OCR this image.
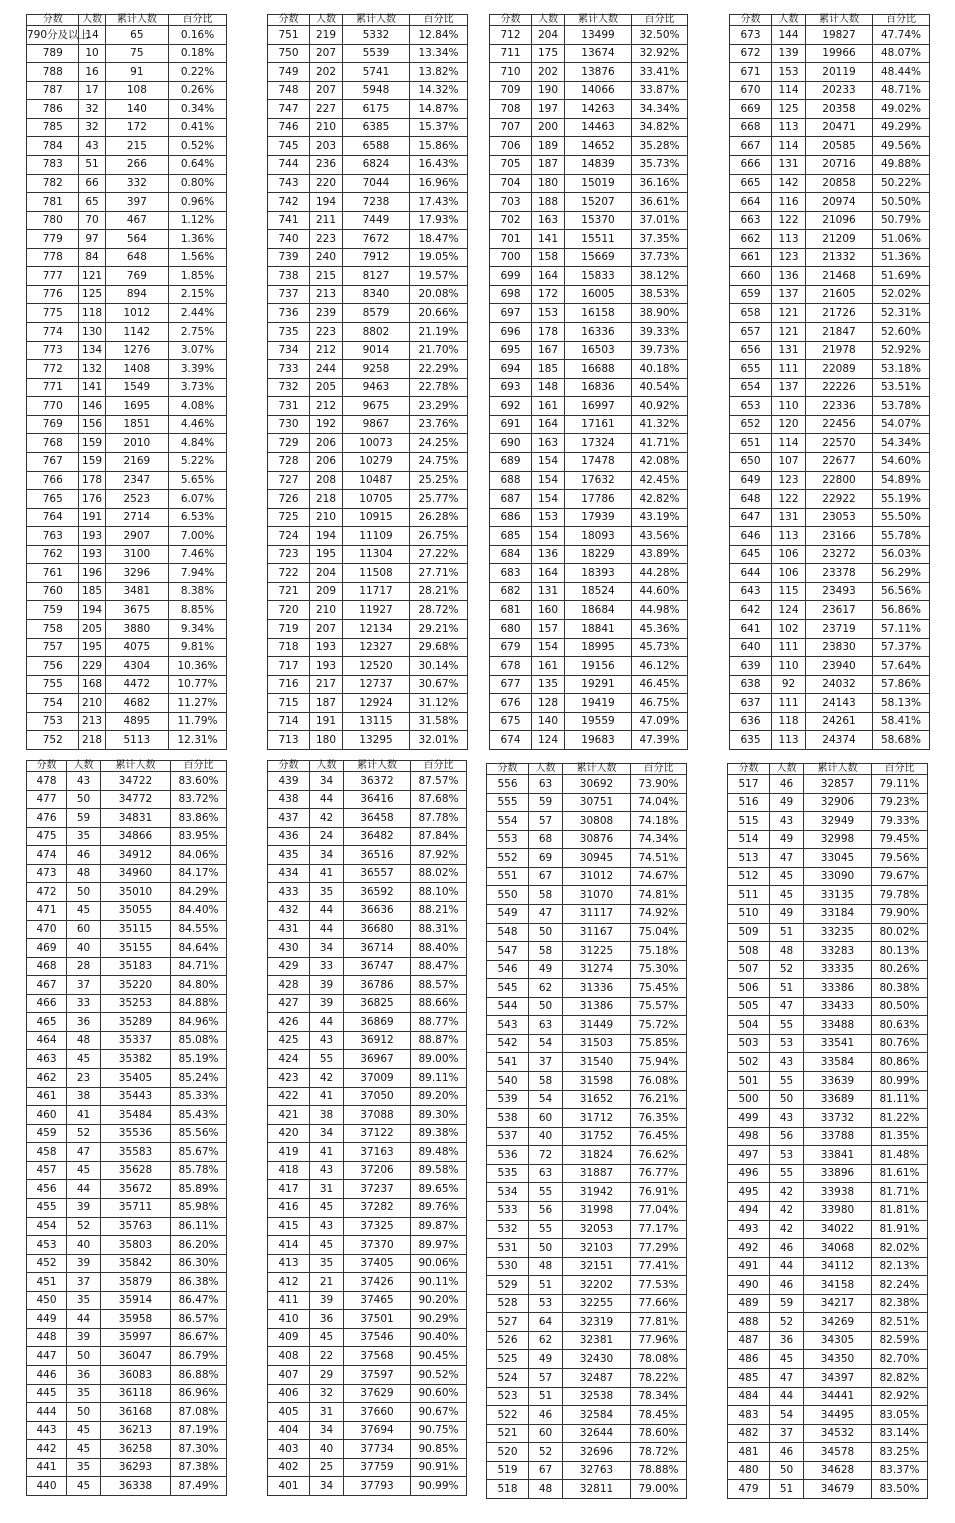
分数	人数	累计人数	百分比
790分及以上	14	65	0.16%
789	10	75	0.18%
788	16	91	0.22%
787	17	108	0.26%
786	32	140	0.34%
785	32	172	0.41%
784	43	215	0.52%
783	51	266	0.64%
782	66	332	0.80%
781	65	397	0.96%
780	70	467	1.12%
779	97	564	1.36%
778	84	648	1.56%
777	121	769	1.85%
776	125	894	2.15%
775	118	1012	2.44%
774	130	1142	2.75%
773	134	1276	3.07%
772	132	1408	3.39%
771	141	1549	3.73%
770	146	1695	4.08%
769	156	1851	4.46%
768	159	2010	4.84%
767	159	2169	5.22%
766	178	2347	5.65%
765	176	2523	6.07%
764	191	2714	6.53%
763	193	2907	7.00%
762	193	3100	7.46%
761	196	3296	7.94%
760	185	3481	8.38%
759	194	3675	8.85%
758	205	3880	9.34%
757	195	4075	9.81%
756	229	4304	10.36%
755	168	4472	10.77%
754	210	4682	11.27%
753	213	4895	11.79%
752	218	5113	12.31%
分数	人数	累计人数	百分比
751	219	5332	12.84%
750	207	5539	13.34%
749	202	5741	13.82%
748	207	5948	14.32%
747	227	6175	14.87%
746	210	6385	15.37%
745	203	6588	15.86%
744	236	6824	16.43%
743	220	7044	16.96%
742	194	7238	17.43%
741	211	7449	17.93%
740	223	7672	18.47%
739	240	7912	19.05%
738	215	8127	19.57%
737	213	8340	20.08%
736	239	8579	20.66%
735	223	8802	21.19%
734	212	9014	21.70%
733	244	9258	22.29%
732	205	9463	22.78%
731	212	9675	23.29%
730	192	9867	23.76%
729	206	10073	24.25%
728	206	10279	24.75%
727	208	10487	25.25%
726	218	10705	25.77%
725	210	10915	26.28%
724	194	11109	26.75%
723	195	11304	27.22%
722	204	11508	27.71%
721	209	11717	28.21%
720	210	11927	28.72%
719	207	12134	29.21%
718	193	12327	29.68%
717	193	12520	30.14%
716	217	12737	30.67%
715	187	12924	31.12%
714	191	13115	31.58%
713	180	13295	32.01%
分数	人数	累计人数	百分比
712	204	13499	32.50%
711	175	13674	32.92%
710	202	13876	33.41%
709	190	14066	33.87%
708	197	14263	34.34%
707	200	14463	34.82%
706	189	14652	35.28%
705	187	14839	35.73%
704	180	15019	36.16%
703	188	15207	36.61%
702	163	15370	37.01%
701	141	15511	37.35%
700	158	15669	37.73%
699	164	15833	38.12%
698	172	16005	38.53%
697	153	16158	38.90%
696	178	16336	39.33%
695	167	16503	39.73%
694	185	16688	40.18%
693	148	16836	40.54%
692	161	16997	40.92%
691	164	17161	41.32%
690	163	17324	41.71%
689	154	17478	42.08%
688	154	17632	42.45%
687	154	17786	42.82%
686	153	17939	43.19%
685	154	18093	43.56%
684	136	18229	43.89%
683	164	18393	44.28%
682	131	18524	44.60%
681	160	18684	44.98%
680	157	18841	45.36%
679	154	18995	45.73%
678	161	19156	46.12%
677	135	19291	46.45%
676	128	19419	46.75%
675	140	19559	47.09%
674	124	19683	47.39%
分数	人数	累计人数	百分比
673	144	19827	47.74%
672	139	19966	48.07%
671	153	20119	48.44%
670	114	20233	48.71%
669	125	20358	49.02%
668	113	20471	49.29%
667	114	20585	49.56%
666	131	20716	49.88%
665	142	20858	50.22%
664	116	20974	50.50%
663	122	21096	50.79%
662	113	21209	51.06%
661	123	21332	51.36%
660	136	21468	51.69%
659	137	21605	52.02%
658	121	21726	52.31%
657	121	21847	52.60%
656	131	21978	52.92%
655	111	22089	53.18%
654	137	22226	53.51%
653	110	22336	53.78%
652	120	22456	54.07%
651	114	22570	54.34%
650	107	22677	54.60%
649	123	22800	54.89%
648	122	22922	55.19%
647	131	23053	55.50%
646	113	23166	55.78%
645	106	23272	56.03%
644	106	23378	56.29%
643	115	23493	56.56%
642	124	23617	56.86%
641	102	23719	57.11%
640	111	23830	57.37%
639	110	23940	57.64%
638	92	24032	57.86%
637	111	24143	58.13%
636	118	24261	58.41%
635	113	24374	58.68%
分数	人数	累计人数	百分比
478	43	34722	83.60%
477	50	34772	83.72%
476	59	34831	83.86%
475	35	34866	83.95%
474	46	34912	84.06%
473	48	34960	84.17%
472	50	35010	84.29%
471	45	35055	84.40%
470	60	35115	84.55%
469	40	35155	84.64%
468	28	35183	84.71%
467	37	35220	84.80%
466	33	35253	84.88%
465	36	35289	84.96%
464	48	35337	85.08%
463	45	35382	85.19%
462	23	35405	85.24%
461	38	35443	85.33%
460	41	35484	85.43%
459	52	35536	85.56%
458	47	35583	85.67%
457	45	35628	85.78%
456	44	35672	85.89%
455	39	35711	85.98%
454	52	35763	86.11%
453	40	35803	86.20%
452	39	35842	86.30%
451	37	35879	86.38%
450	35	35914	86.47%
449	44	35958	86.57%
448	39	35997	86.67%
447	50	36047	86.79%
446	36	36083	86.88%
445	35	36118	86.96%
444	50	36168	87.08%
443	45	36213	87.19%
442	45	36258	87.30%
441	35	36293	87.38%
440	45	36338	87.49%
分数	人数	累计人数	百分比
439	34	36372	87.57%
438	44	36416	87.68%
437	42	36458	87.78%
436	24	36482	87.84%
435	34	36516	87.92%
434	41	36557	88.02%
433	35	36592	88.10%
432	44	36636	88.21%
431	44	36680	88.31%
430	34	36714	88.40%
429	33	36747	88.47%
428	39	36786	88.57%
427	39	36825	88.66%
426	44	36869	88.77%
425	43	36912	88.87%
424	55	36967	89.00%
423	42	37009	89.11%
422	41	37050	89.20%
421	38	37088	89.30%
420	34	37122	89.38%
419	41	37163	89.48%
418	43	37206	89.58%
417	31	37237	89.65%
416	45	37282	89.76%
415	43	37325	89.87%
414	45	37370	89.97%
413	35	37405	90.06%
412	21	37426	90.11%
411	39	37465	90.20%
410	36	37501	90.29%
409	45	37546	90.40%
408	22	37568	90.45%
407	29	37597	90.52%
406	32	37629	90.60%
405	31	37660	90.67%
404	34	37694	90.75%
403	40	37734	90.85%
402	25	37759	90.91%
401	34	37793	90.99%
分数	人数	累计人数	百分比
556	63	30692	73.90%
555	59	30751	74.04%
554	57	30808	74.18%
553	68	30876	74.34%
552	69	30945	74.51%
551	67	31012	74.67%
550	58	31070	74.81%
549	47	31117	74.92%
548	50	31167	75.04%
547	58	31225	75.18%
546	49	31274	75.30%
545	62	31336	75.45%
544	50	31386	75.57%
543	63	31449	75.72%
542	54	31503	75.85%
541	37	31540	75.94%
540	58	31598	76.08%
539	54	31652	76.21%
538	60	31712	76.35%
537	40	31752	76.45%
536	72	31824	76.62%
535	63	31887	76.77%
534	55	31942	76.91%
533	56	31998	77.04%
532	55	32053	77.17%
531	50	32103	77.29%
530	48	32151	77.41%
529	51	32202	77.53%
528	53	32255	77.66%
527	64	32319	77.81%
526	62	32381	77.96%
525	49	32430	78.08%
524	57	32487	78.22%
523	51	32538	78.34%
522	46	32584	78.45%
521	60	32644	78.60%
520	52	32696	78.72%
519	67	32763	78.88%
518	48	32811	79.00%
分数	人数	累计人数	百分比
517	46	32857	79.11%
516	49	32906	79.23%
515	43	32949	79.33%
514	49	32998	79.45%
513	47	33045	79.56%
512	45	33090	79.67%
511	45	33135	79.78%
510	49	33184	79.90%
509	51	33235	80.02%
508	48	33283	80.13%
507	52	33335	80.26%
506	51	33386	80.38%
505	47	33433	80.50%
504	55	33488	80.63%
503	53	33541	80.76%
502	43	33584	80.86%
501	55	33639	80.99%
500	50	33689	81.11%
499	43	33732	81.22%
498	56	33788	81.35%
497	53	33841	81.48%
496	55	33896	81.61%
495	42	33938	81.71%
494	42	33980	81.81%
493	42	34022	81.91%
492	46	34068	82.02%
491	44	34112	82.13%
490	46	34158	82.24%
489	59	34217	82.38%
488	52	34269	82.51%
487	36	34305	82.59%
486	45	34350	82.70%
485	47	34397	82.82%
484	44	34441	82.92%
483	54	34495	83.05%
482	37	34532	83.14%
481	46	34578	83.25%
480	50	34628	83.37%
479	51	34679	83.50%
